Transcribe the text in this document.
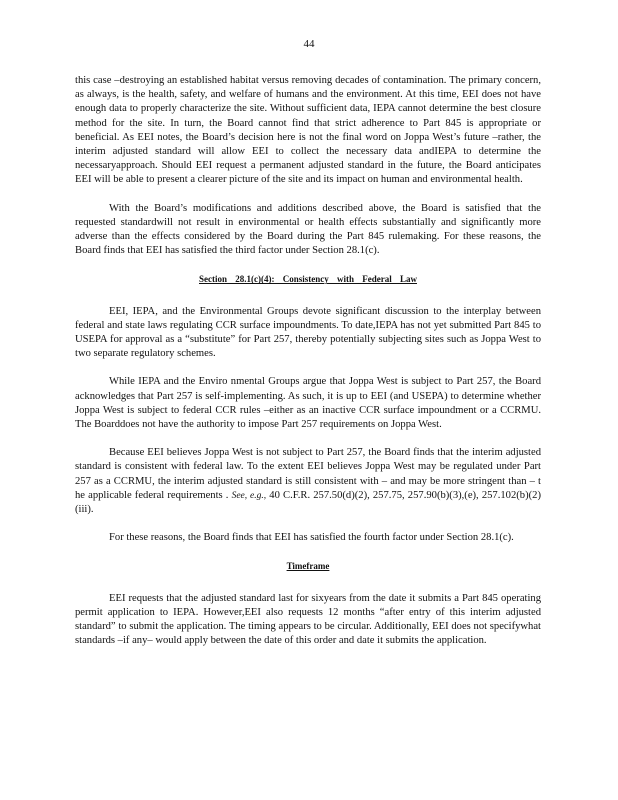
44

this case –destroying an established habitat versus removing decades of contamination. The primary concern, as always, is the health, safety, and welfare of humans and the environment. At this time, EEI does not have enough data to properly characterize the site. Without sufficient data, IEPA cannot determine the best closure method for the site. In turn, the Board cannot find that strict adherence to Part 845 is appropriate or beneficial. As EEI notes, the Board’s decision here is not the final word on Joppa West’s future –rather, the interim adjusted standard will allow EEI to collect the necessary data andIEPA to determine the necessaryapproach. Should EEI request a permanent adjusted standard in the future, the Board anticipates EEI will be able to present a clearer picture of the site and its impact on human and environmental health.

With the Board’s modifications and additions described above, the Board is satisfied that the requested standardwill not result in environmental or health effects substantially and significantly more adverse than the effects considered by the Board during the Part 845 rulemaking. For these reasons, the Board finds that EEI has satisfied the third factor under Section 28.1(c).

Section 28.1(c)(4): Consistency with Federal Law

EEI, IEPA, and the Environmental Groups devote significant discussion to the interplay between federal and state laws regulating CCR surface impoundments. To date,IEPA has not yet submitted Part 845 to USEPA for approval as a “substitute” for Part 257, thereby potentially subjecting sites such as Joppa West to two separate regulatory schemes.

While IEPA and the Enviro nmental Groups argue that Joppa West is subject to Part 257, the Board acknowledges that Part 257 is self-implementing. As such, it is up to EEI (and USEPA) to determine whether Joppa West is subject to federal CCR rules –either as an inactive CCR surface impoundment or a CCRMU. The Boarddoes not have the authority to impose Part 257 requirements on Joppa West.

Because EEI believes Joppa West is not subject to Part 257, the Board finds that the interim adjusted standard is consistent with federal law. To the extent EEI believes Joppa West may be regulated under Part 257 as a CCRMU, the interim adjusted standard is still consistent with – and may be more stringent than – t he applicable federal requirements . See, e.g., 40 C.F.R. 257.50(d)(2), 257.75, 257.90(b)(3),(e), 257.102(b)(2)(iii).

For these reasons, the Board finds that EEI has satisfied the fourth factor under Section 28.1(c).

Timeframe

EEI requests that the adjusted standard last for sixyears from the date it submits a Part 845 operating permit application to IEPA. However,EEI also requests 12 months “after entry of this interim adjusted standard” to submit the application. The timing appears to be circular. Additionally, EEI does not specifywhat standards –if any– would apply between the date of this order and date it submits the application.
